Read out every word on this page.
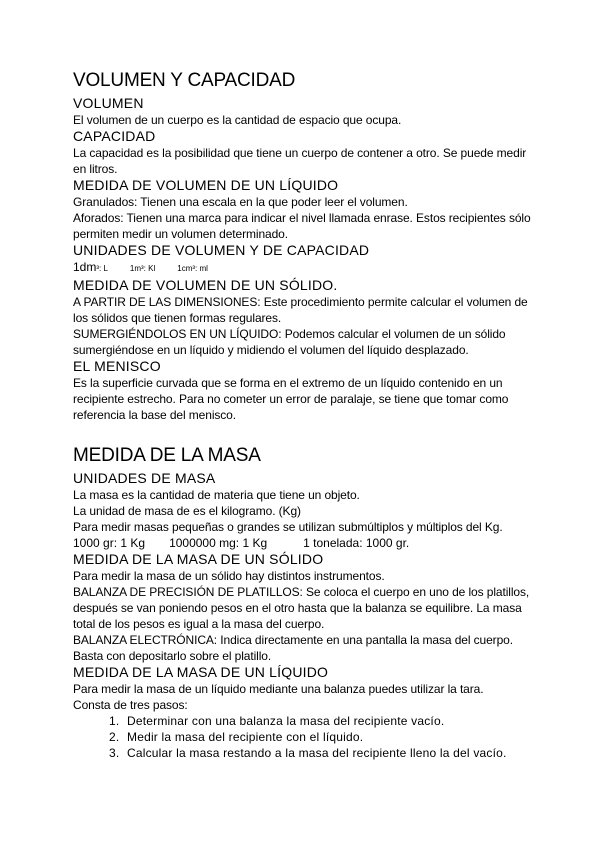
VOLUMEN Y CAPACIDAD
VOLUMEN

El volumen de un cuerpo es la cantidad de espacio que ocupa.

CAPACIDAD

La capacidad es la posibilidad que tiene un cuerpo de contener a otro. Se puede medir en litros.

MEDIDA DE VOLUMEN DE UN LÍQUIDO

Granulados: Tienen una escala en la que poder leer el volumen.

Aforados: Tienen una marca para indicar el nivel llamada enrase. Estos recipientes sólo permiten medir un volumen determinado.

UNIDADES DE VOLUMEN Y DE CAPACIDAD
1dm ³: L	1m³: Kl	1cm³: ml
MEDIDA DE VOLUMEN DE UN SÓLIDO.

A PARTIR DE LAS DIMENSIONES: Este procedimiento permite calcular el volumen de los sólidos que tienen formas regulares.

SUMERGIÉNDOLOS EN UN LÍQUIDO: Podemos calcular el volumen de un sólido sumergiéndose en un líquido y midiendo el volumen del líquido desplazado.

EL MENISCO

Es la superficie curvada que se forma en el extremo de un líquido contenido en un recipiente estrecho. Para no cometer un error de paralaje, se tiene que tomar como referencia la base del menisco.

MEDIDA DE LA MASA
UNIDADES DE MASA

La masa es la cantidad de materia que tiene un objeto.

La unidad de masa de es el kilogramo. (Kg)

Para medir masas pequeñas o grandes se utilizan submúltiplos y múltiplos del Kg.

1000 gr: 1 Kg 1000000 mg: 1 Kg	1 tonelada: 1000 gr.
MEDIDA DE LA MASA DE UN SÓLIDO

Para medir la masa de un sólido hay distintos instrumentos.

BALANZA DE PRECISIÓN DE PLATILLOS: Se coloca el cuerpo en uno de los platillos, después se van poniendo pesos en el otro hasta que la balanza se equilibre. La masa total de los pesos es igual a la masa del cuerpo.

BALANZA ELECTRÓNICA: Indica directamente en una pantalla la masa del cuerpo. Basta con depositarlo sobre el platillo.

MEDIDA DE LA MASA DE UN LÍQUIDO

Para medir la masa de un líquido mediante una balanza puedes utilizar la tara.

Consta de tres pasos:

1. Determinar con una balanza la masa del recipiente vacío.
2. Medir la masa del recipiente con el líquido.
3. Calcular la masa restando a la masa del recipiente lleno la del vacío.
